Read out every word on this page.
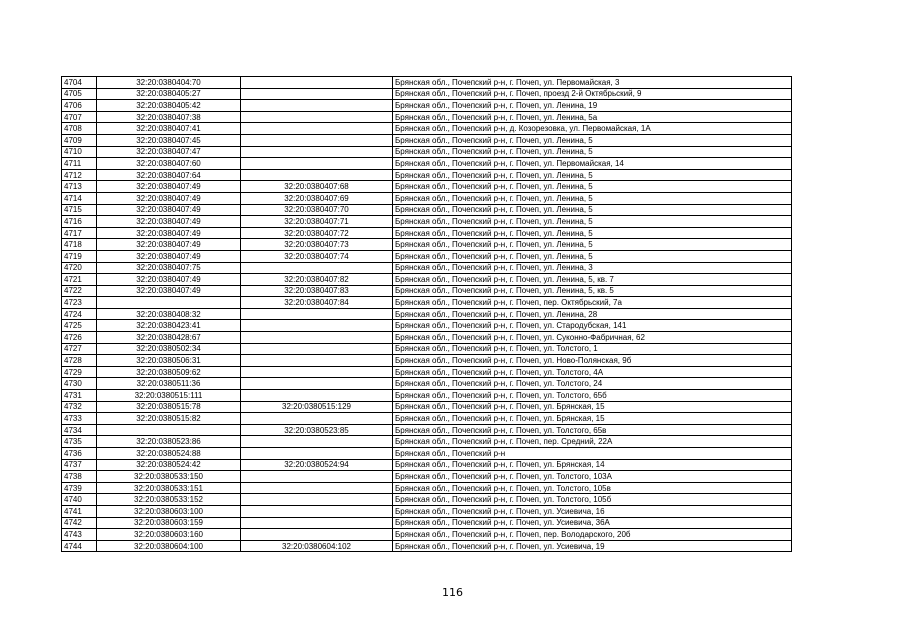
4704	32:20:0380404:70		Брянская обл., Почепский р-н, г. Почеп, ул. Первомайская, 3
4705	32:20:0380405:27		Брянская обл., Почепский р-н, г. Почеп, проезд 2-й Октябрьский, 9
4706	32:20:0380405:42		Брянская обл., Почепский р-н, г. Почеп, ул. Ленина, 19
4707	32:20:0380407:38		Брянская обл., Почепский р-н, г. Почеп, ул. Ленина, 5а
4708	32:20:0380407:41		Брянская обл., Почепский р-н, д. Козорезовка, ул. Первомайская, 1А
4709	32:20:0380407:45		Брянская обл., Почепский р-н, г. Почеп, ул. Ленина, 5
4710	32:20:0380407:47		Брянская обл., Почепский р-н, г. Почеп, ул. Ленина, 5
4711	32:20:0380407:60		Брянская обл., Почепский р-н, г. Почеп, ул. Первомайская, 14
4712	32:20:0380407:64		Брянская обл., Почепский р-н, г. Почеп, ул. Ленина, 5
4713	32:20:0380407:49	32:20:0380407:68	Брянская обл., Почепский р-н, г. Почеп, ул. Ленина, 5
4714	32:20:0380407:49	32:20:0380407:69	Брянская обл., Почепский р-н, г. Почеп, ул. Ленина, 5
4715	32:20:0380407:49	32:20:0380407:70	Брянская обл., Почепский р-н, г. Почеп, ул. Ленина, 5
4716	32:20:0380407:49	32:20:0380407:71	Брянская обл., Почепский р-н, г. Почеп, ул. Ленина, 5
4717	32:20:0380407:49	32:20:0380407:72	Брянская обл., Почепский р-н, г. Почеп, ул. Ленина, 5
4718	32:20:0380407:49	32:20:0380407:73	Брянская обл., Почепский р-н, г. Почеп, ул. Ленина, 5
4719	32:20:0380407:49	32:20:0380407:74	Брянская обл., Почепский р-н, г. Почеп, ул. Ленина, 5
4720	32:20:0380407:75		Брянская обл., Почепский р-н, г. Почеп, ул. Ленина, 3
4721	32:20:0380407:49	32:20:0380407:82	Брянская обл., Почепский р-н, г. Почеп, ул. Ленина, 5, кв. 7
4722	32:20:0380407:49	32:20:0380407:83	Брянская обл., Почепский р-н, г. Почеп, ул. Ленина, 5, кв. 5
4723		32:20:0380407:84	Брянская обл., Почепский р-н, г. Почеп, пер. Октябрьский, 7а
4724	32:20:0380408:32		Брянская обл., Почепский р-н, г. Почеп, ул. Ленина, 28
4725	32:20:0380423:41		Брянская обл., Почепский р-н, г. Почеп, ул. Стародубская, 141
4726	32:20:0380428:67		Брянская обл., Почепский р-н, г. Почеп, ул. Суконно-Фабричная, 62
4727	32:20:0380502:34		Брянская обл., Почепский р-н, г. Почеп, ул. Толстого, 1
4728	32:20:0380506:31		Брянская обл., Почепский р-н, г. Почеп, ул. Ново-Полянская, 9б
4729	32:20:0380509:62		Брянская обл., Почепский р-н, г. Почеп, ул. Толстого, 4А
4730	32:20:0380511:36		Брянская обл., Почепский р-н, г. Почеп, ул. Толстого, 24
4731	32:20:0380515:111		Брянская обл., Почепский р-н, г. Почеп, ул. Толстого, 65б
4732	32:20:0380515:78	32:20:0380515:129	Брянская обл., Почепский р-н, г. Почеп, ул. Брянская, 15
4733	32:20:0380515:82		Брянская обл., Почепский р-н, г. Почеп, ул. Брянская, 15
4734		32:20:0380523:85	Брянская обл., Почепский р-н, г. Почеп, ул. Толстого, 65в
4735	32:20:0380523:86		Брянская обл., Почепский р-н, г. Почеп, пер. Средний, 22А
4736	32:20:0380524:88		Брянская обл., Почепский р-н
4737	32:20:0380524:42	32:20:0380524:94	Брянская обл., Почепский р-н, г. Почеп, ул. Брянская, 14
4738	32:20:0380533:150		Брянская обл., Почепский р-н, г. Почеп, ул. Толстого, 103А
4739	32:20:0380533:151		Брянская обл., Почепский р-н, г. Почеп, ул. Толстого, 105в
4740	32:20:0380533:152		Брянская обл., Почепский р-н, г. Почеп, ул. Толстого, 105б
4741	32:20:0380603:100		Брянская обл., Почепский р-н, г. Почеп, ул. Усиевича, 16
4742	32:20:0380603:159		Брянская обл., Почепский р-н, г. Почеп, ул. Усиевича, 36А
4743	32:20:0380603:160		Брянская обл., Почепский р-н, г. Почеп, пер. Володарского, 20б
4744	32:20:0380604:100	32:20:0380604:102	Брянская обл., Почепский р-н, г. Почеп, ул. Усиевича, 19
116
